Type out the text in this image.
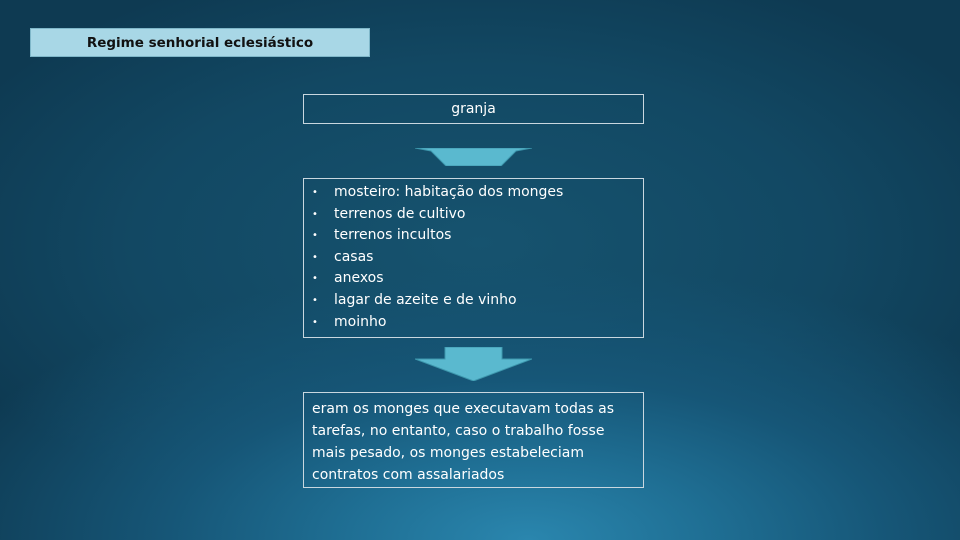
Regime senhorial eclesiástico
granja
•	mosteiro: habitação dos monges
•	terrenos de cultivo
•	terrenos incultos
•	casas
•	anexos
•	lagar de azeite e de vinho
•	moinho
eram os monges que executavam todas as tarefas, no entanto, caso o trabalho fosse mais pesado, os monges estabeleciam contratos com assalariados
